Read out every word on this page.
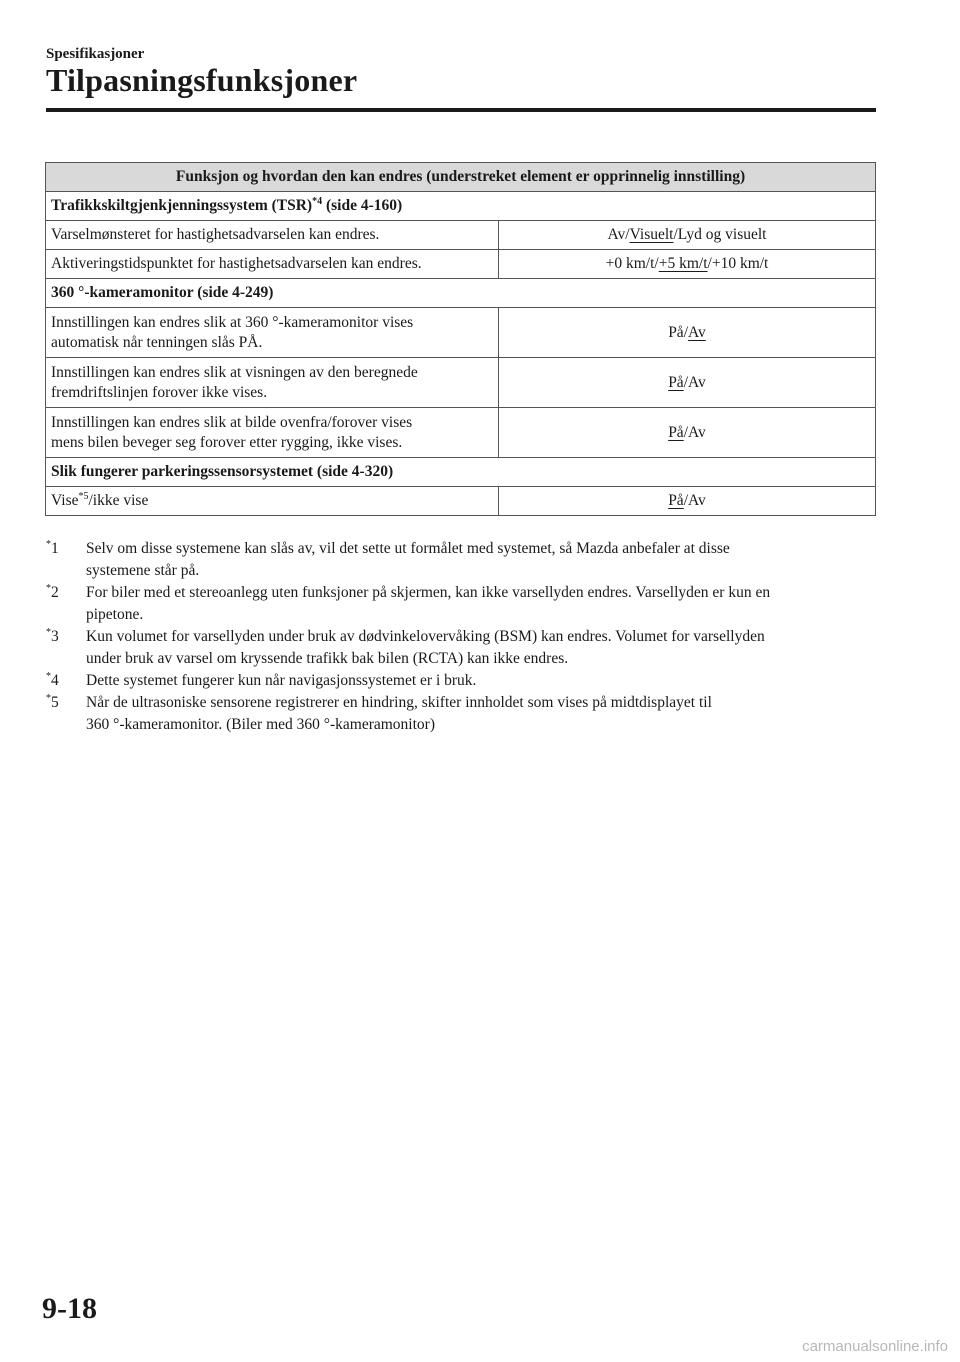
Spesifikasjoner
Tilpasningsfunksjoner
Funksjon og hvordan den kan endres (understreket element er opprinnelig innstilling)	
Trafikkskiltgjenkjenningssystem (TSR)$^{*4}$ (side 4-160)	
Varselmønsteret for hastighetsadvarselen kan endres.	Av/Visuelt/Lyd og visuelt
Aktiveringstidspunktet for hastighetsadvarselen kan endres.	+0 km/t/+5 km/t/+10 km/t
360 °-kameramonitor (side 4-249)	
Innstillingen kan endres slik at 360 °-kameramonitor vises
automatisk når tenningen slås PÅ.	På/Av
Innstillingen kan endres slik at visningen av den beregnede
fremdriftslinjen forover ikke vises.	På/Av
Innstillingen kan endres slik at bilde ovenfra/forover vises
mens bilen beveger seg forover etter rygging, ikke vises.	På/Av
Slik fungerer parkeringssensorsystemet (side 4-320)	
Vise$^{*5}$/ikke vise	På/Av
*1 Selv om disse systemene kan slås av, vil det sette ut formålet med systemet, så Mazda anbefaler at disse
systemene står på.
*2 For biler med et stereoanlegg uten funksjoner på skjermen, kan ikke varsellyden endres. Varsellyden er kun en
pipetone.
*3 Kun volumet for varsellyden under bruk av dødvinkelovervåking (BSM) kan endres. Volumet for varsellyden
under bruk av varsel om kryssende trafikk bak bilen (RCTA) kan ikke endres.
*4 Dette systemet fungerer kun når navigasjonssystemet er i bruk.
*5 Når de ultrasoniske sensorene registrerer en hindring, skifter innholdet som vises på midtdisplayet til
360 °-kameramonitor. (Biler med 360 °-kameramonitor)
9-18
carmanualsonline.info
